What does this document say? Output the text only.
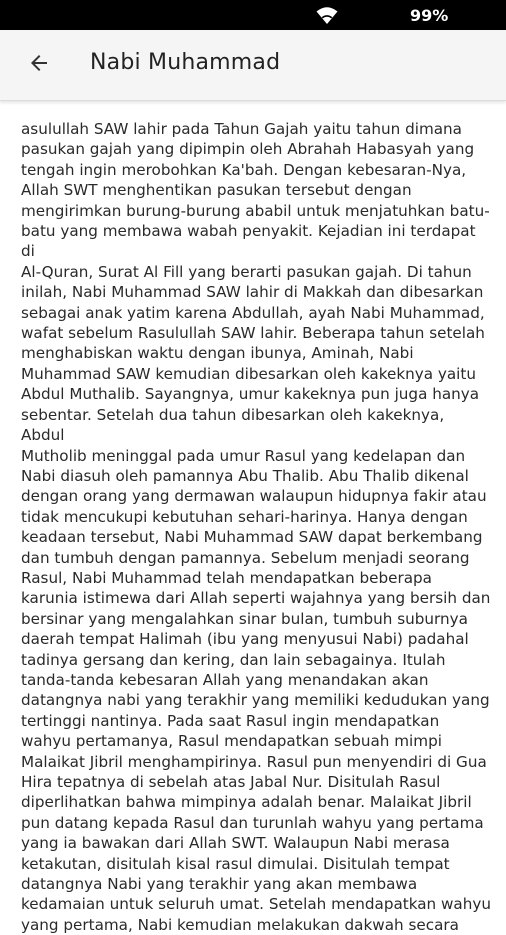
99%
Nabi Muhammad

asulullah SAW lahir pada Tahun Gajah yaitu tahun dimana
pasukan gajah yang dipimpin oleh Abrahah Habasyah yang
tengah ingin merobohkan Ka'bah. Dengan kebesaran-Nya,
Allah SWT menghentikan pasukan tersebut dengan
mengirimkan burung-burung ababil untuk menjatuhkan batu-
batu yang membawa wabah penyakit. Kejadian ini terdapat di
Al-Quran, Surat Al Fill yang berarti pasukan gajah. Di tahun
inilah, Nabi Muhammad SAW lahir di Makkah dan dibesarkan
sebagai anak yatim karena Abdullah, ayah Nabi Muhammad,
wafat sebelum Rasulullah SAW lahir. Beberapa tahun setelah
menghabiskan waktu dengan ibunya, Aminah, Nabi
Muhammad SAW kemudian dibesarkan oleh kakeknya yaitu
Abdul Muthalib. Sayangnya, umur kakeknya pun juga hanya
sebentar. Setelah dua tahun dibesarkan oleh kakeknya, Abdul
Mutholib meninggal pada umur Rasul yang kedelapan dan
Nabi diasuh oleh pamannya Abu Thalib. Abu Thalib dikenal
dengan orang yang dermawan walaupun hidupnya fakir atau
tidak mencukupi kebutuhan sehari-harinya. Hanya dengan
keadaan tersebut, Nabi Muhammad SAW dapat berkembang
dan tumbuh dengan pamannya. Sebelum menjadi seorang
Rasul, Nabi Muhammad telah mendapatkan beberapa
karunia istimewa dari Allah seperti wajahnya yang bersih dan
bersinar yang mengalahkan sinar bulan, tumbuh suburnya
daerah tempat Halimah (ibu yang menyusui Nabi) padahal
tadinya gersang dan kering, dan lain sebagainya. Itulah
tanda-tanda kebesaran Allah yang menandakan akan
datangnya nabi yang terakhir yang memiliki kedudukan yang
tertinggi nantinya. Pada saat Rasul ingin mendapatkan
wahyu pertamanya, Rasul mendapatkan sebuah mimpi
Malaikat Jibril menghampirinya. Rasul pun menyendiri di Gua
Hira tepatnya di sebelah atas Jabal Nur. Disitulah Rasul
diperlihatkan bahwa mimpinya adalah benar. Malaikat Jibril
pun datang kepada Rasul dan turunlah wahyu yang pertama
yang ia bawakan dari Allah SWT. Walaupun Nabi merasa
ketakutan, disitulah kisal rasul dimulai. Disitulah tempat
datangnya Nabi yang terakhir yang akan membawa
kedamaian untuk seluruh umat. Setelah mendapatkan wahyu
yang pertama, Nabi kemudian melakukan dakwah secara
